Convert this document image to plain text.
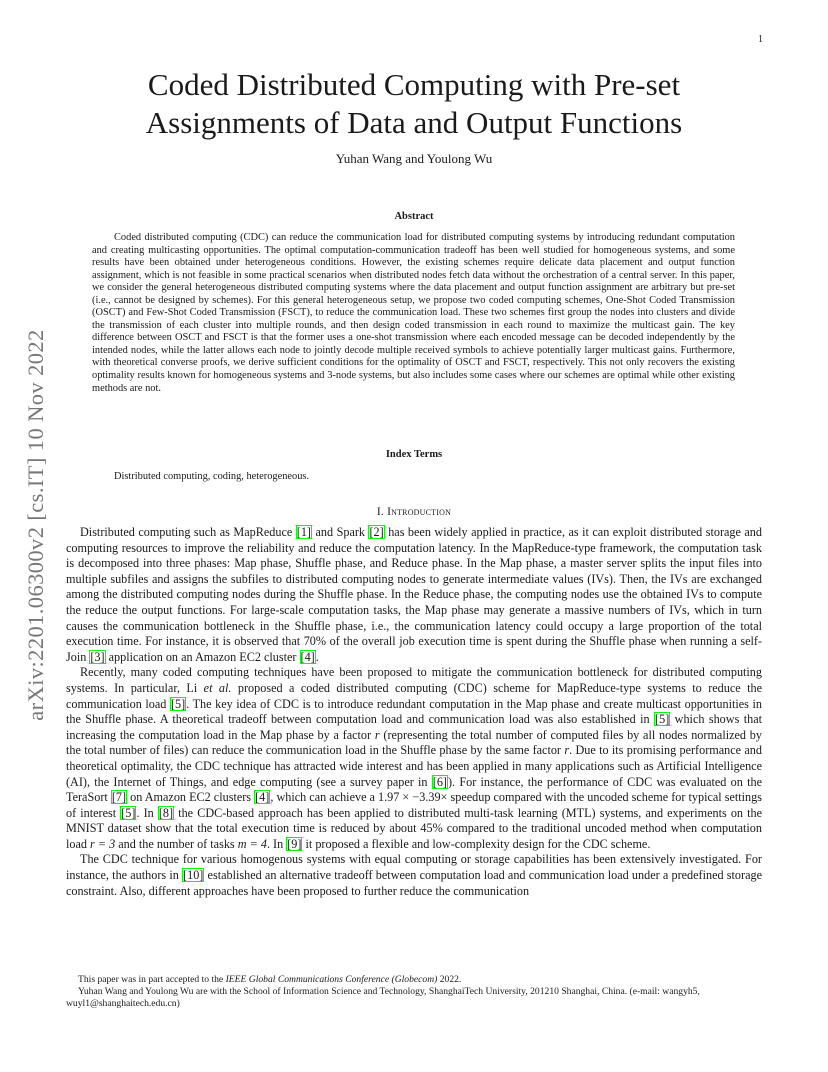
1
arXiv:2201.06300v2 [cs.IT] 10 Nov 2022
Coded Distributed Computing with Pre-set
Assignments of Data and Output Functions
Yuhan Wang and Youlong Wu
Abstract

Coded distributed computing (CDC) can reduce the communication load for distributed computing systems by introducing redundant computation and creating multicasting opportunities. The optimal computation-communication tradeoff has been well studied for homogeneous systems, and some results have been obtained under heterogeneous conditions. However, the existing schemes require delicate data placement and output function assignment, which is not feasible in some practical scenarios when distributed nodes fetch data without the orchestration of a central server. In this paper, we consider the general heterogeneous distributed computing systems where the data placement and output function assignment are arbitrary but pre-set (i.e., cannot be designed by schemes). For this general heterogeneous setup, we propose two coded computing schemes, One-Shot Coded Transmission (OSCT) and Few-Shot Coded Transmission (FSCT), to reduce the communication load. These two schemes first group the nodes into clusters and divide the transmission of each cluster into multiple rounds, and then design coded transmission in each round to maximize the multicast gain. The key difference between OSCT and FSCT is that the former uses a one-shot transmission where each encoded message can be decoded independently by the intended nodes, while the latter allows each node to jointly decode multiple received symbols to achieve potentially larger multicast gains. Furthermore, with theoretical converse proofs, we derive sufficient conditions for the optimality of OSCT and FSCT, respectively. This not only recovers the existing optimality results known for homogeneous systems and 3-node systems, but also includes some cases where our schemes are optimal while other existing methods are not.

Index Terms
Distributed computing, coding, heterogeneous.
I. Introduction

Distributed computing such as MapReduce [1] and Spark [2] has been widely applied in practice, as it can exploit distributed storage and computing resources to improve the reliability and reduce the computation latency. In the MapReduce-type framework, the computation task is decomposed into three phases: Map phase, Shuffle phase, and Reduce phase. In the Map phase, a master server splits the input files into multiple subfiles and assigns the subfiles to distributed computing nodes to generate intermediate values (IVs). Then, the IVs are exchanged among the distributed computing nodes during the Shuffle phase. In the Reduce phase, the computing nodes use the obtained IVs to compute the reduce the output functions. For large-scale computation tasks, the Map phase may generate a massive numbers of IVs, which in turn causes the communication bottleneck in the Shuffle phase, i.e., the communication latency could occupy a large proportion of the total execution time. For instance, it is observed that 70% of the overall job execution time is spent during the Shuffle phase when running a self-Join [3] application on an Amazon EC2 cluster [4].

Recently, many coded computing techniques have been proposed to mitigate the communication bottleneck for distributed computing systems. In particular, Li et al. proposed a coded distributed computing (CDC) scheme for MapReduce-type systems to reduce the communication load [5]. The key idea of CDC is to introduce redundant computation in the Map phase and create multicast opportunities in the Shuffle phase. A theoretical tradeoff between computation load and communication load was also established in [5] which shows that increasing the computation load in the Map phase by a factor r (representing the total number of computed files by all nodes normalized by the total number of files) can reduce the communication load in the Shuffle phase by the same factor r. Due to its promising performance and theoretical optimality, the CDC technique has attracted wide interest and has been applied in many applications such as Artificial Intelligence (AI), the Internet of Things, and edge computing (see a survey paper in [6]). For instance, the performance of CDC was evaluated on the TeraSort [7] on Amazon EC2 clusters [4], which can achieve a 1.97 × −3.39× speedup compared with the uncoded scheme for typical settings of interest [5]. In [8] the CDC-based approach has been applied to distributed multi-task learning (MTL) systems, and experiments on the MNIST dataset show that the total execution time is reduced by about 45% compared to the traditional uncoded method when computation load r = 3 and the number of tasks m = 4. In [9] it proposed a flexible and low-complexity design for the CDC scheme.

The CDC technique for various homogenous systems with equal computing or storage capabilities has been extensively investigated. For instance, the authors in [10] established an alternative tradeoff between computation load and communication load under a predefined storage constraint. Also, different approaches have been proposed to further reduce the communication

This paper was in part accepted to the IEEE Global Communications Conference (Globecom) 2022.

Yuhan Wang and Youlong Wu are with the School of Information Science and Technology, ShanghaiTech University, 201210 Shanghai, China. (e-mail: wangyh5, wuyl1@shanghaitech.edu.cn)
